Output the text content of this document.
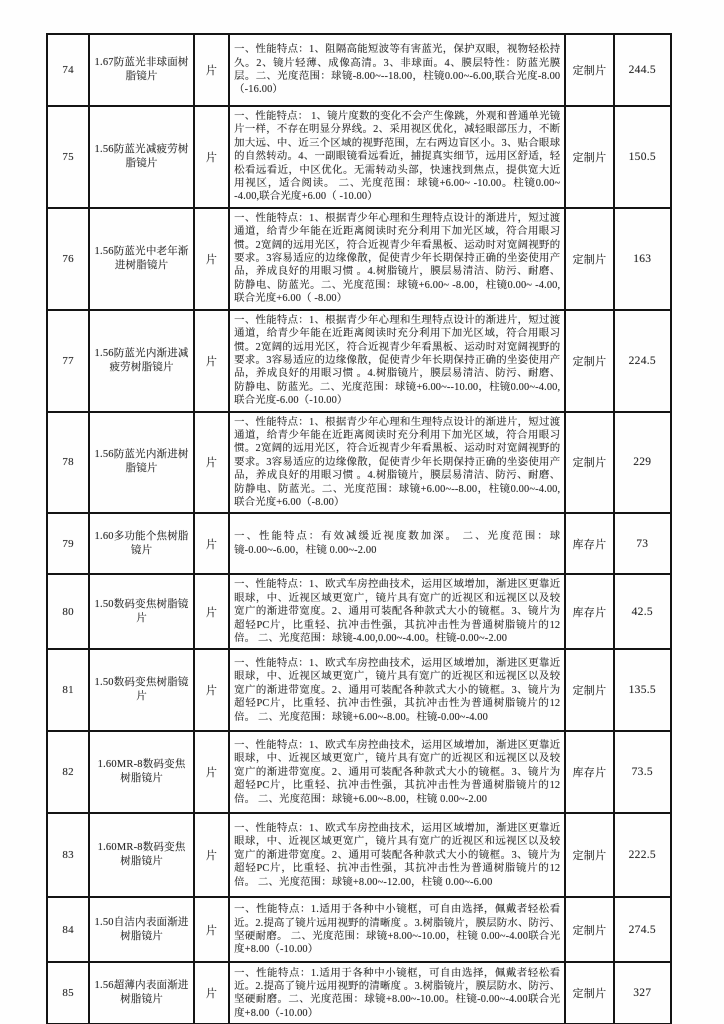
74	1.67防蓝光非球面树脂镜片	片	一、性能特点：1、阻隔高能短波等有害蓝光，保护双眼，视物轻松持久。2、镜片轻薄、成像高清。3、非球面。4、膜层特性：防蓝光膜层。二、光度范围：球镜-8.00~--18.00，柱镜0.00~-6.00,联合光度-8.00（-16.00）	定制片	244.5
75	1.56防蓝光减疲劳树脂镜片	片	一、性能特点： 1、镜片度数的变化不会产生像跳，外观和普通单光镜片一样，不存在明显分界线。2、采用视区优化，减轻眼部压力，不断加大远、中、近三个区域的视野范围，左右两边盲区小。3、贴合眼球的自然转动。4、一副眼镜看远看近，捕捉真实细节，远用区舒适，轻松看远看近，中区优化。无需转动头部，快速找到焦点，提供宽大近用视区，适合阅读。 二、光度范围：球镜+6.00~ -10.00。柱镜0.00~ -4.00,联合光度+6.00（ -10.00）	定制片	150.5
76	1.56防蓝光中老年渐进树脂镜片	片	一、性能特点：1、根据青少年心理和生理特点设计的渐进片，短过渡通道，给青少年能在近距离阅读时充分利用下加光区域，符合用眼习惯。2宽阔的远用光区，符合近视青少年看黑板、运动时对宽阔视野的要求。3容易适应的边缘像散，促使青少年长期保持正确的坐姿使用产品，养成良好的用眼习惯 。4.树脂镜片，膜层易清洁、防污、耐磨、防静电、防蓝光。二、光度范围：球镜+6.00~ -8.00，柱镜0.00~ -4.00,联合光度+6.00（ -8.00）	定制片	163
77	1.56防蓝光内渐进减疲劳树脂镜片	片	一、性能特点：1、根据青少年心理和生理特点设计的渐进片，短过渡通道，给青少年能在近距离阅读时充分利用下加光区域，符合用眼习惯。2宽阔的远用光区，符合近视青少年看黑板、运动时对宽阔视野的要求。3容易适应的边缘像散，促使青少年长期保持正确的坐姿使用产品，养成良好的用眼习惯 。4.树脂镜片，膜层易清洁、防污、耐磨、防静电、防蓝光。二、光度范围：球镜+6.00~--10.00，柱镜0.00~-4.00,联合光度-6.00（-10.00）	定制片	224.5
78	1.56防蓝光内渐进树脂镜片	片	一、性能特点：1、根据青少年心理和生理特点设计的渐进片，短过渡通道，给青少年能在近距离阅读时充分利用下加光区域，符合用眼习惯。2宽阔的远用光区，符合近视青少年看黑板、运动时对宽阔视野的要求。3容易适应的边缘像散，促使青少年长期保持正确的坐姿使用产品，养成良好的用眼习惯 。4.树脂镜片，膜层易清洁、防污、耐磨、防静电、防蓝光。二、光度范围：球镜+6.00~--8.00，柱镜0.00~-4.00,联合光度+6.00（-8.00）	定制片	229
79	1.60多功能个焦树脂镜片	片	一、性能特点：有效减缓近视度数加深。 二、光度范围：球镜-0.00~-6.00，柱镜 0.00~-2.00	库存片	73
80	1.50数码变焦树脂镜片	片	一、性能特点：1、欧式车房控曲技术，运用区域增加，渐进区更靠近眼球，中、近视区域更宽广，镜片具有宽广的近视区和远视区以及较宽广的渐进带宽度。2、通用可装配各种款式大小的镜框。3、镜片为超轻PC片，比重轻、抗冲击性强，其抗冲击性为普通树脂镜片的12倍。 二、光度范围：球镜-4.00,0.00~-4.00。柱镜-0.00~-2.00	库存片	42.5
81	1.50数码变焦树脂镜片	片	一、性能特点：1、欧式车房控曲技术，运用区域增加，渐进区更靠近眼球，中、近视区域更宽广，镜片具有宽广的近视区和远视区以及较宽广的渐进带宽度。2、通用可装配各种款式大小的镜框。3、镜片为超轻PC片，比重轻、抗冲击性强，其抗冲击性为普通树脂镜片的12倍。 二、光度范围：球镜+6.00~-8.00。柱镜-0.00~-4.00	定制片	135.5
82	1.60MR-8数码变焦树脂镜片	片	一、性能特点：1、欧式车房控曲技术，运用区域增加，渐进区更靠近眼球，中、近视区域更宽广，镜片具有宽广的近视区和远视区以及较宽广的渐进带宽度。2、通用可装配各种款式大小的镜框。3、镜片为超轻PC片，比重轻、抗冲击性强，其抗冲击性为普通树脂镜片的12倍。 二、光度范围：球镜+6.00~-8.00，柱镜 0.00~-2.00	库存片	73.5
83	1.60MR-8数码变焦树脂镜片	片	一、性能特点：1、欧式车房控曲技术，运用区域增加，渐进区更靠近眼球，中、近视区域更宽广，镜片具有宽广的近视区和远视区以及较宽广的渐进带宽度。2、通用可装配各种款式大小的镜框。3、镜片为超轻PC片，比重轻、抗冲击性强，其抗冲击性为普通树脂镜片的12倍。 二、光度范围：球镜+8.00~-12.00，柱镜 0.00~-6.00	定制片	222.5
84	1.50自洁内表面渐进树脂镜片	片	一、性能特点：1.适用于各种中小镜框，可自由选择，佩戴者轻松看近。2.提高了镜片远用视野的清晰度 。3.树脂镜片，膜层防水、防污、坚硬耐磨。 二、光度范围：球镜+8.00~-10.00，柱镜 0.00~-4.00联合光度+8.00（-10.00）	定制片	274.5
85	1.56超薄内表面渐进树脂镜片	片	一、性能特点：1.适用于各种中小镜框，可自由选择，佩戴者轻松看近。2.提高了镜片远用视野的清晰度 。3.树脂镜片，膜层防水、防污、坚硬耐磨。二、光度范围：球镜+8.00~-10.00。柱镜-0.00~-4.00联合光度+8.00（-10.00）	定制片	327
